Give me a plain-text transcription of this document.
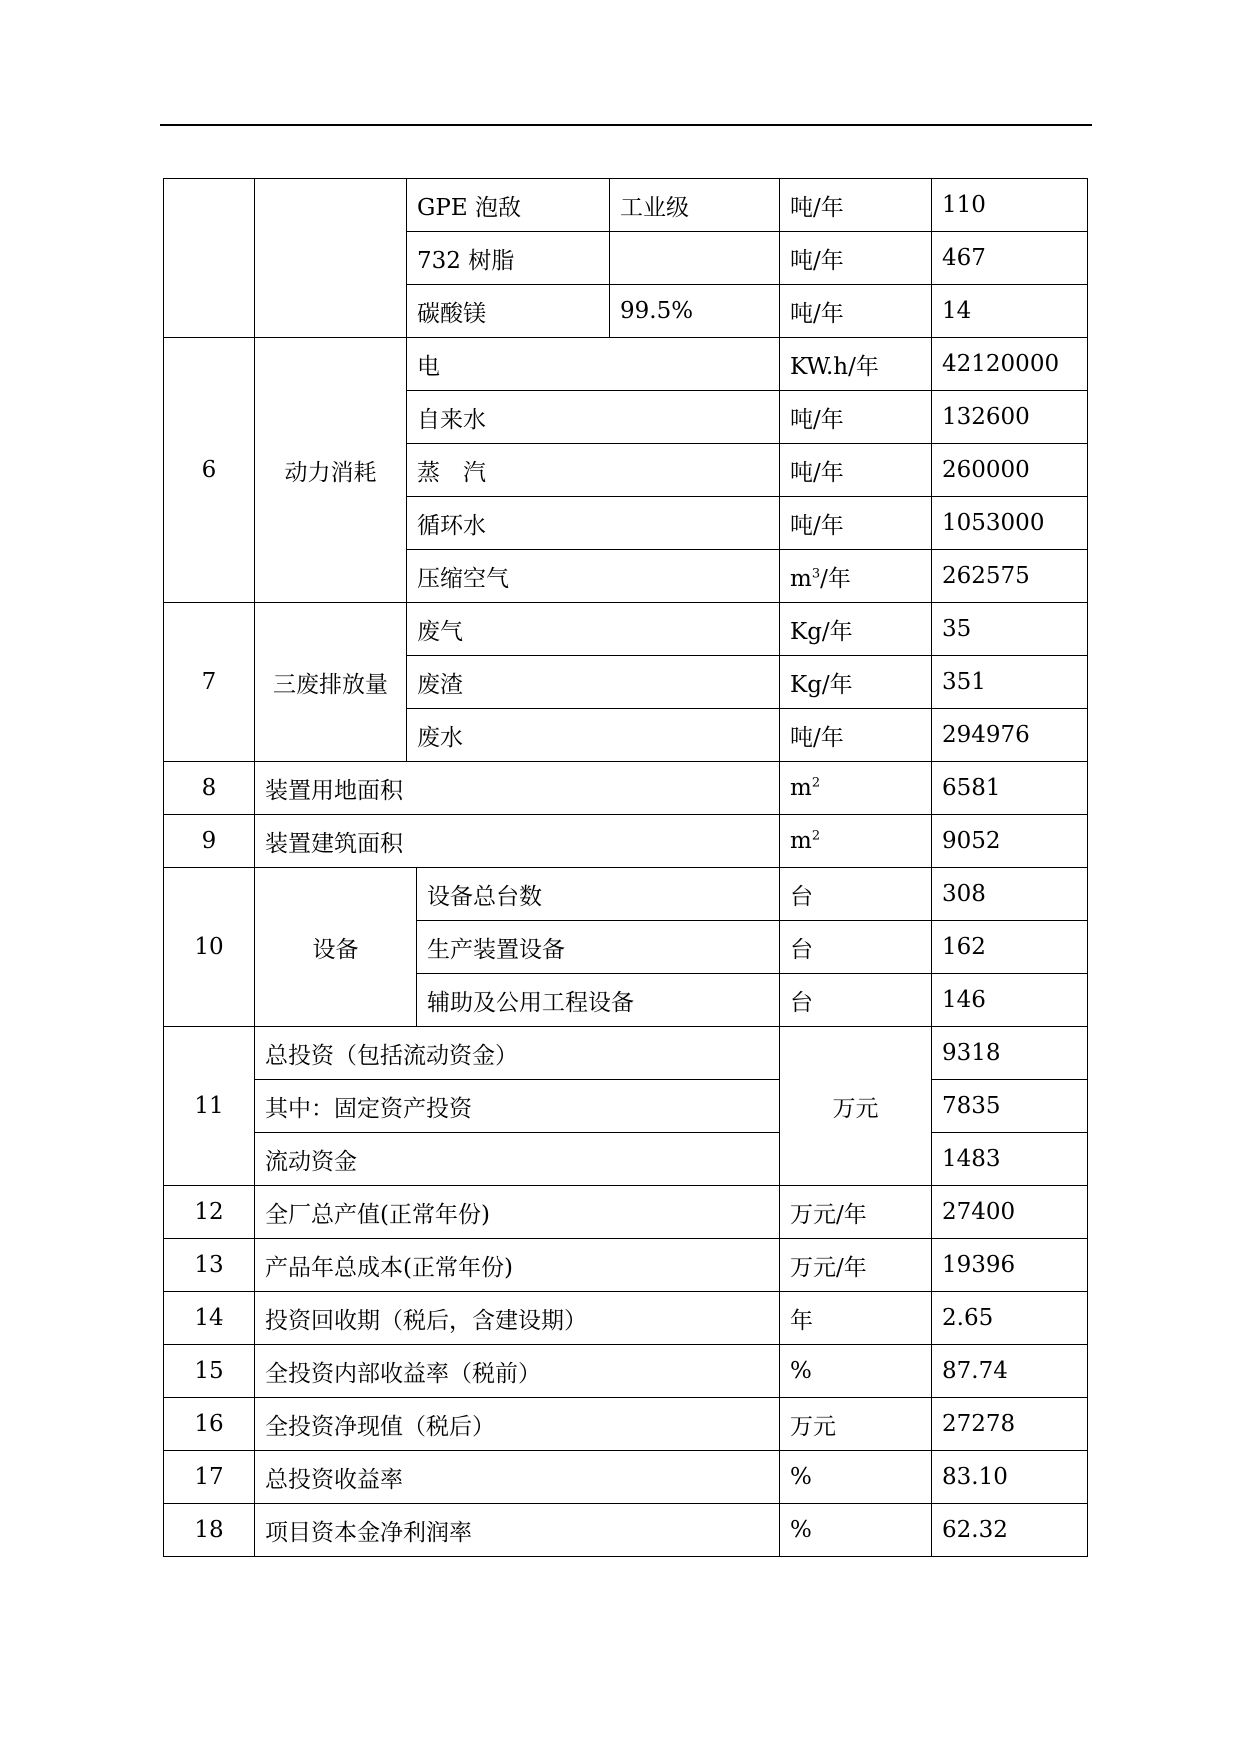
		GPE 泡敌		工业级	吨/年	110
		732 树脂			吨/年	467
		碳酸镁		99.5%	吨/年	14
6	动力消耗	电			KW.h/年	42120000
		自来水			吨/年	132600
		蒸　汽			吨/年	260000
		循环水			吨/年	1053000
		压缩空气			$m^3/$年	262575
7	三废排放量	废气			Kg/年	35
		废渣			Kg/年	351
		废水			吨/年	294976
8	装置用地面积				$m^2$	6581
9	装置建筑面积				$m^2$	9052
10	设备		设备总台数		台	308
			生产装置设备		台	162
			辅助及公用工程设备		台	146
11	总投资（包括流动资金）				万元	9318
	其中：固定资产投资					7835
	流动资金					1483
12	全厂总产值(正常年份)				万元/年	27400
13	产品年总成本(正常年份)				万元/年	19396
14	投资回收期（税后，含建设期）				年	2.65
15	全投资内部收益率（税前）				%	87.74
16	全投资净现值（税后）				万元	27278
17	总投资收益率				%	83.10
18	项目资本金净利润率				%	62.32
